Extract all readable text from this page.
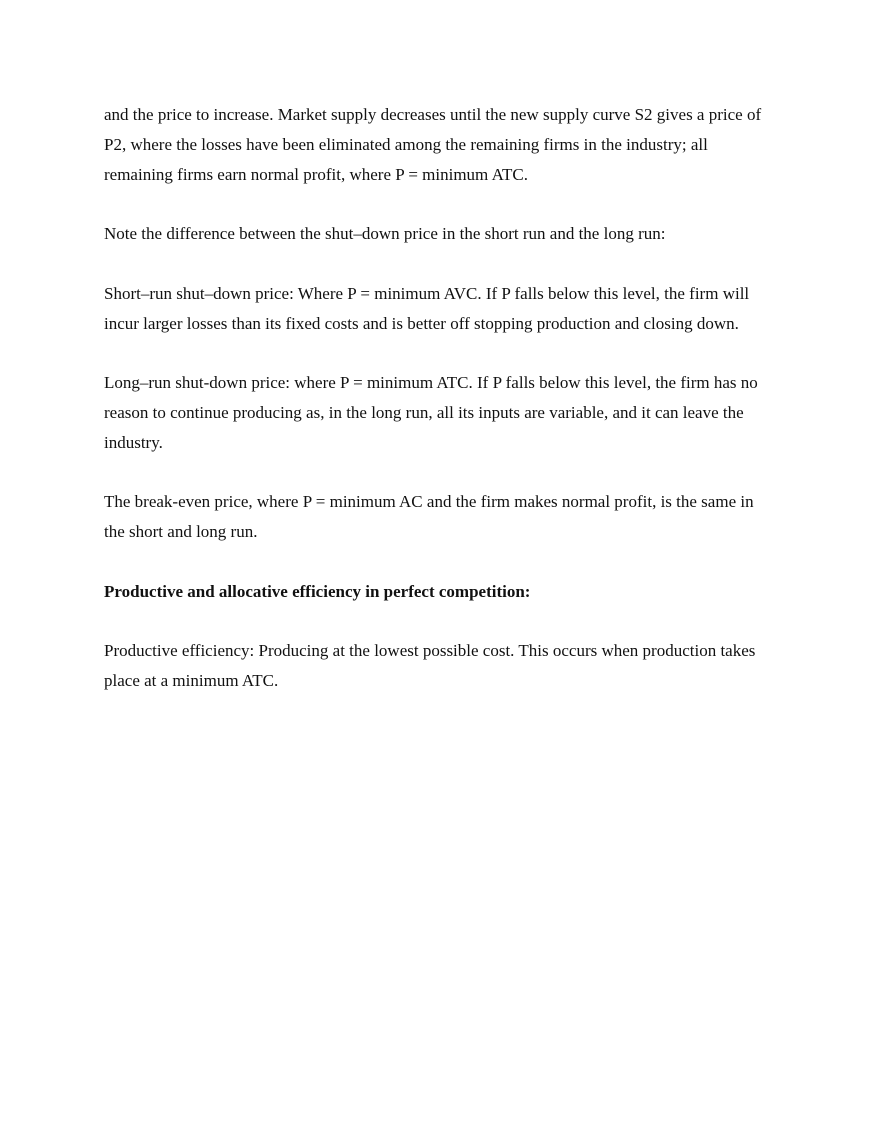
and the price to increase. Market supply decreases until the new supply curve S2 gives a price of
P2, where the losses have been eliminated among the remaining firms in the industry; all
remaining firms earn normal profit, where P = minimum ATC.

Note the difference between the shut–down price in the short run and the long run:

Short–run shut–down price: Where P = minimum AVC. If P falls below this level, the firm will
incur larger losses than its fixed costs and is better off stopping production and closing down.

Long–run shut-down price: where P = minimum ATC. If P falls below this level, the firm has no
reason to continue producing as, in the long run, all its inputs are variable, and it can leave the
industry.

The break-even price, where P = minimum AC and the firm makes normal profit, is the same in
the short and long run.

Productive and allocative efficiency in perfect competition:

Productive efficiency: Producing at the lowest possible cost. This occurs when production takes
place at a minimum ATC.
